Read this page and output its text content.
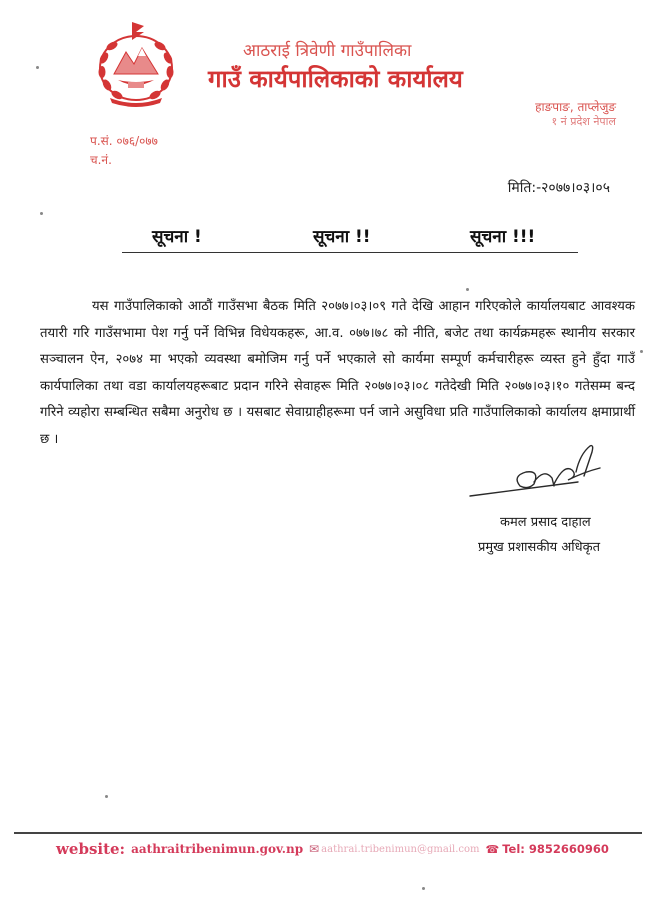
आठराई त्रिवेणी गाउँपालिका
गाउँ कार्यपालिकाको कार्यालय
हाङपाङ, ताप्लेजुङ
१ नं प्रदेश नेपाल
प.सं. ०७६/०७७
च.नं.
मिति:-२०७७।०३।०५
सूचना !	सूचना !!	सूचना !!!
यस गाउँपालिकाको आठौं गाउँसभा बैठक मिति २०७७।०३।०९ गते देखि आहान गरिएकोले कार्यालयबाट आवश्यक तयारी गरि गाउँसभामा पेश गर्नु पर्ने विभिन्न विधेयकहरू, आ.व. ०७७।७८ को नीति, बजेट तथा कार्यक्रमहरू स्थानीय सरकार सञ्चालन ऐन, २०७४ मा भएको व्यवस्था बमोजिम गर्नु पर्ने भएकाले सो कार्यमा सम्पूर्ण कर्मचारीहरू व्यस्त हुने हुँदा गाउँ कार्यपालिका तथा वडा कार्यालयहरूबाट प्रदान गरिने सेवाहरू मिति २०७७।०३।०८ गतेदेखी मिति २०७७।०३।१० गतेसम्म बन्द गरिने व्यहोरा सम्बन्धित सबैमा अनुरोध छ । यसबाट सेवाग्राहीहरूमा पर्न जाने असुविधा प्रति गाउँपालिकाको कार्यालय क्षमाप्रार्थी छ ।
कमल प्रसाद दाहाल
प्रमुख प्रशासकीय अधिकृत
website: aathraitribenimun.gov.np ✉ aathrai.tribenimun@gmail.com ☎ Tel: 9852660960
